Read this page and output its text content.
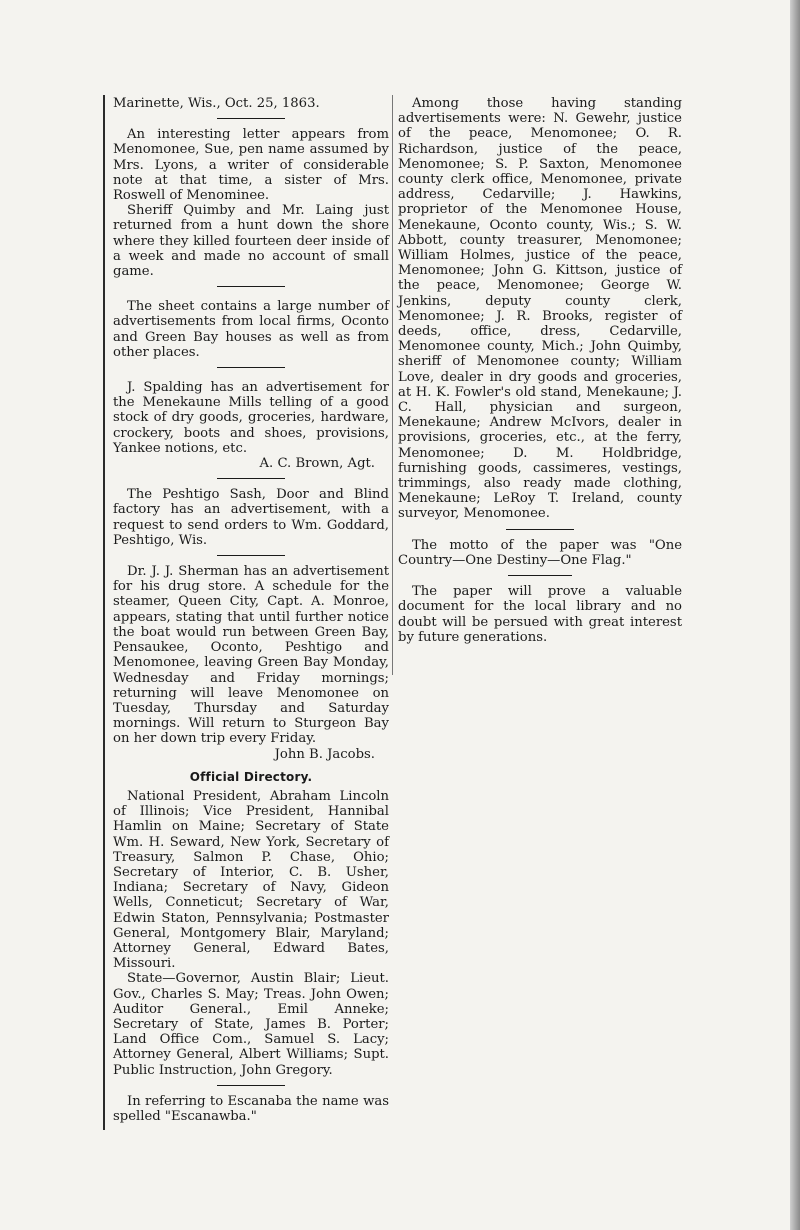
Marinette, Wis., Oct. 25, 1863.

An interesting letter appears from Menomonee, Sue, pen name assumed by Mrs. Lyons, a writer of considerable note at that time, a sister of Mrs. Roswell of Menominee.

Sheriff Quimby and Mr. Laing just returned from a hunt down the shore where they killed fourteen deer inside of a week and made no account of small game.

The sheet contains a large number of advertisements from local firms, Oconto and Green Bay houses as well as from other places.

J. Spalding has an advertisement for the Menekaune Mills telling of a good stock of dry goods, groceries, hardware, crockery, boots and shoes, provisions, Yankee notions, etc.

A. C. Brown, Agt.

The Peshtigo Sash, Door and Blind factory has an advertisement, with a request to send orders to Wm. Goddard, Peshtigo, Wis.

Dr. J. J. Sherman has an advertisement for his drug store. A schedule for the steamer, Queen City, Capt. A. Monroe, appears, stating that until further notice the boat would run between Green Bay, Pensaukee, Oconto, Peshtigo and Menomonee, leaving Green Bay Monday, Wednesday and Friday mornings; returning will leave Menomonee on Tuesday, Thursday and Saturday mornings. Will return to Sturgeon Bay on her down trip every Friday.

John B. Jacobs.

Official Directory.

National President, Abraham Lincoln of Illinois; Vice President, Hannibal Hamlin on Maine; Secretary of State Wm. H. Seward, New York, Secretary of Treasury, Salmon P. Chase, Ohio; Secretary of Interior, C. B. Usher, Indiana; Secretary of Navy, Gideon Wells, Conneticut; Secretary of War, Edwin Staton, Pennsylvania; Postmaster General, Montgomery Blair, Maryland; Attorney General, Edward Bates, Missouri.

State—Governor, Austin Blair; Lieut. Gov., Charles S. May; Treas. John Owen; Auditor General., Emil Anneke; Secretary of State, James B. Porter; Land Office Com., Samuel S. Lacy; Attorney General, Albert Williams; Supt. Public Instruction, John Gregory.

In referring to Escanaba the name was spelled "Escanawba."

Among those having standing advertisements were: N. Gewehr, justice of the peace, Menomonee; O. R. Richardson, justice of the peace, Menomonee; S. P. Saxton, Menomonee county clerk office, Menomonee, private address, Cedarville; J. Hawkins, proprietor of the Menomonee House, Menekaune, Oconto county, Wis.; S. W. Abbott, county treasurer, Menomonee; William Holmes, justice of the peace, Menomonee; John G. Kittson, justice of the peace, Menomonee; George W. Jenkins, deputy county clerk, Menomonee; J. R. Brooks, register of deeds, office, dress, Cedarville, Menomonee county, Mich.; John Quimby, sheriff of Menomonee county; William Love, dealer in dry goods and groceries, at H. K. Fowler's old stand, Menekaune; J. C. Hall, physician and surgeon, Menekaune; Andrew McIvors, dealer in provisions, groceries, etc., at the ferry, Menomonee; D. M. Holdbridge, furnishing goods, cassimeres, vestings, trimmings, also ready made clothing, Menekaune; LeRoy T. Ireland, county surveyor, Menomonee.

The motto of the paper was "One Country—One Destiny—One Flag."

The paper will prove a valuable document for the local library and no doubt will be persued with great interest by future generations.
